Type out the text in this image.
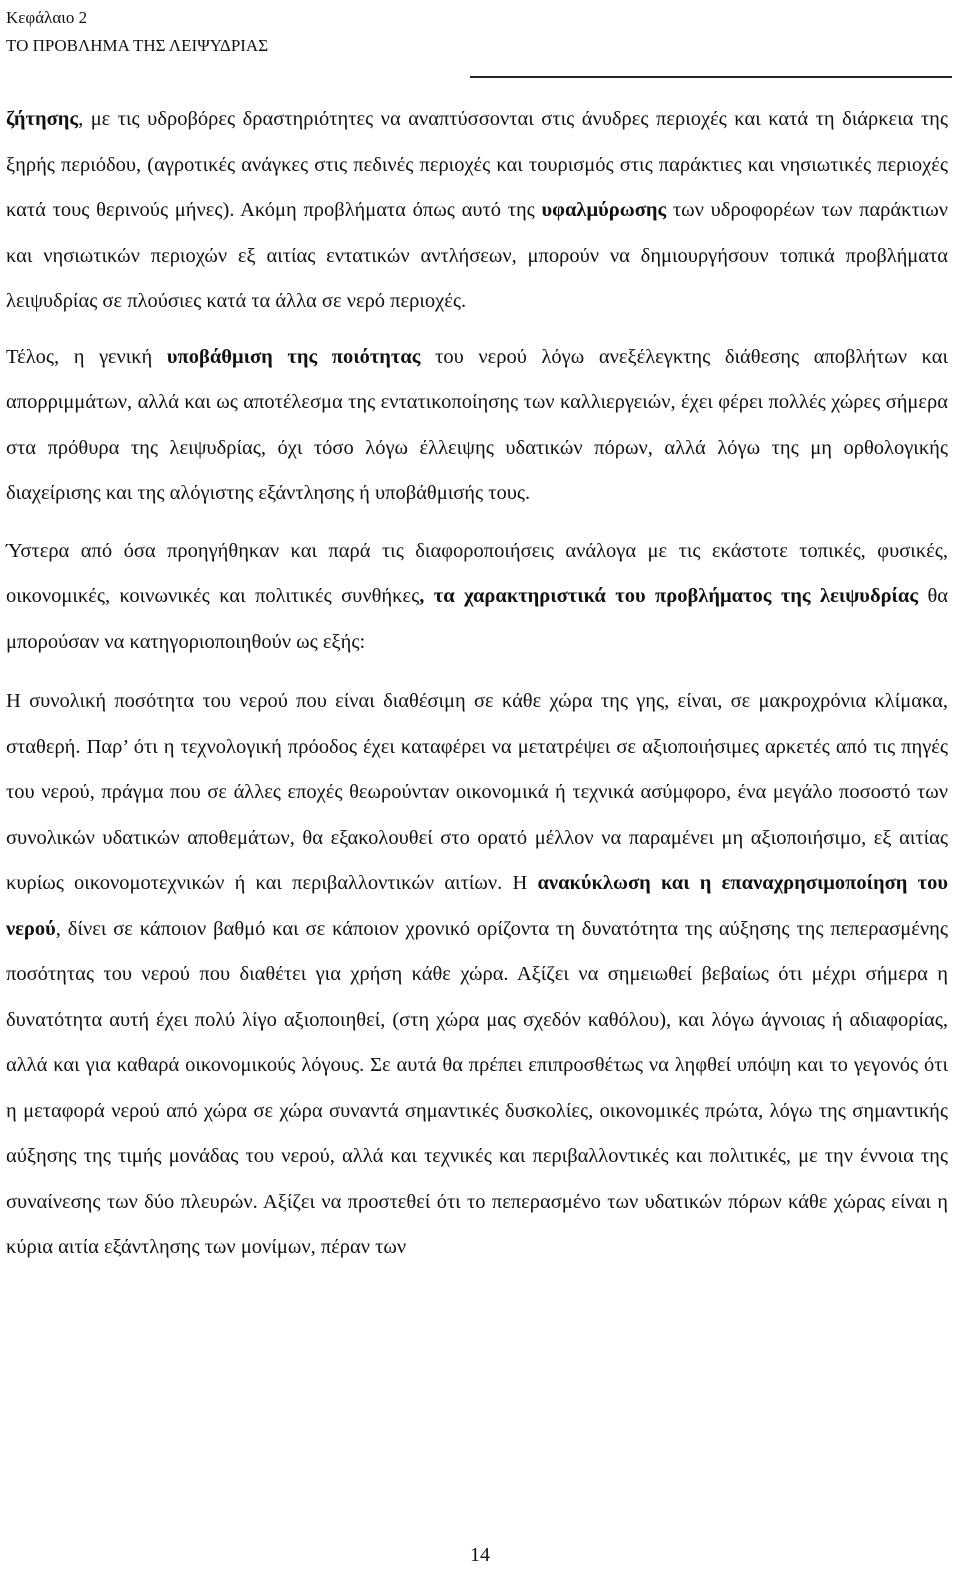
Κεφάλαιο 2
ΤΟ ΠΡΟΒΛΗΜΑ ΤΗΣ ΛΕΙΨΥΔΡΙΑΣ

ζήτησης, με τις υδροβόρες δραστηριότητες να αναπτύσσονται στις άνυδρες περιοχές και κατά τη διάρκεια της ξηρής περιόδου, (αγροτικές ανάγκες στις πεδινές περιοχές και τουρισμός στις παράκτιες και νησιωτικές περιοχές κατά τους θερινούς μήνες). Ακόμη προβλήματα όπως αυτό της υφαλμύρωσης των υδροφορέων των παράκτιων και νησιωτικών περιοχών εξ αιτίας εντατικών αντλήσεων, μπορούν να δημιουργήσουν τοπικά προβλήματα λειψυδρίας σε πλούσιες κατά τα άλλα σε νερό περιοχές.

Τέλος, η γενική υποβάθμιση της ποιότητας του νερού λόγω ανεξέλεγκτης διάθεσης αποβλήτων και απορριμμάτων, αλλά και ως αποτέλεσμα της εντατικοποίησης των καλλιεργειών, έχει φέρει πολλές χώρες σήμερα στα πρόθυρα της λειψυδρίας, όχι τόσο λόγω έλλειψης υδατικών πόρων, αλλά λόγω της μη ορθολογικής διαχείρισης και της αλόγιστης εξάντλησης ή υποβάθμισής τους.

Ύστερα από όσα προηγήθηκαν και παρά τις διαφοροποιήσεις ανάλογα με τις εκάστοτε τοπικές, φυσικές, οικονομικές, κοινωνικές και πολιτικές συνθήκες, τα χαρακτηριστικά του προβλήματος της λειψυδρίας θα μπορούσαν να κατηγοριοποιηθούν ως εξής:

Η συνολική ποσότητα του νερού που είναι διαθέσιμη σε κάθε χώρα της γης, είναι, σε μακροχρόνια κλίμακα, σταθερή. Παρ’ ότι η τεχνολογική πρόοδος έχει καταφέρει να μετατρέψει σε αξιοποιήσιμες αρκετές από τις πηγές του νερού, πράγμα που σε άλλες εποχές θεωρούνταν οικονομικά ή τεχνικά ασύμφορο, ένα μεγάλο ποσοστό των συνολικών υδατικών αποθεμάτων, θα εξακολουθεί στο ορατό μέλλον να παραμένει μη αξιοποιήσιμο, εξ αιτίας κυρίως οικονομοτεχνικών ή και περιβαλλοντικών αιτίων. Η ανακύκλωση και η επαναχρησιμοποίηση του νερού, δίνει σε κάποιον βαθμό και σε κάποιον χρονικό ορίζοντα τη δυνατότητα της αύξησης της πεπερασμένης ποσότητας του νερού που διαθέτει για χρήση κάθε χώρα. Αξίζει να σημειωθεί βεβαίως ότι μέχρι σήμερα η δυνατότητα αυτή έχει πολύ λίγο αξιοποιηθεί, (στη χώρα μας σχεδόν καθόλου), και λόγω άγνοιας ή αδιαφορίας, αλλά και για καθαρά οικονομικούς λόγους. Σε αυτά θα πρέπει επιπροσθέτως να ληφθεί υπόψη και το γεγονός ότι η μεταφορά νερού από χώρα σε χώρα συναντά σημαντικές δυσκολίες, οικονομικές πρώτα, λόγω της σημαντικής αύξησης της τιμής μονάδας του νερού, αλλά και τεχνικές και περιβαλλοντικές και πολιτικές, με την έννοια της συναίνεσης των δύο πλευρών. Αξίζει να προστεθεί ότι το πεπερασμένο των υδατικών πόρων κάθε χώρας είναι η κύρια αιτία εξάντλησης των μονίμων, πέραν των

14
